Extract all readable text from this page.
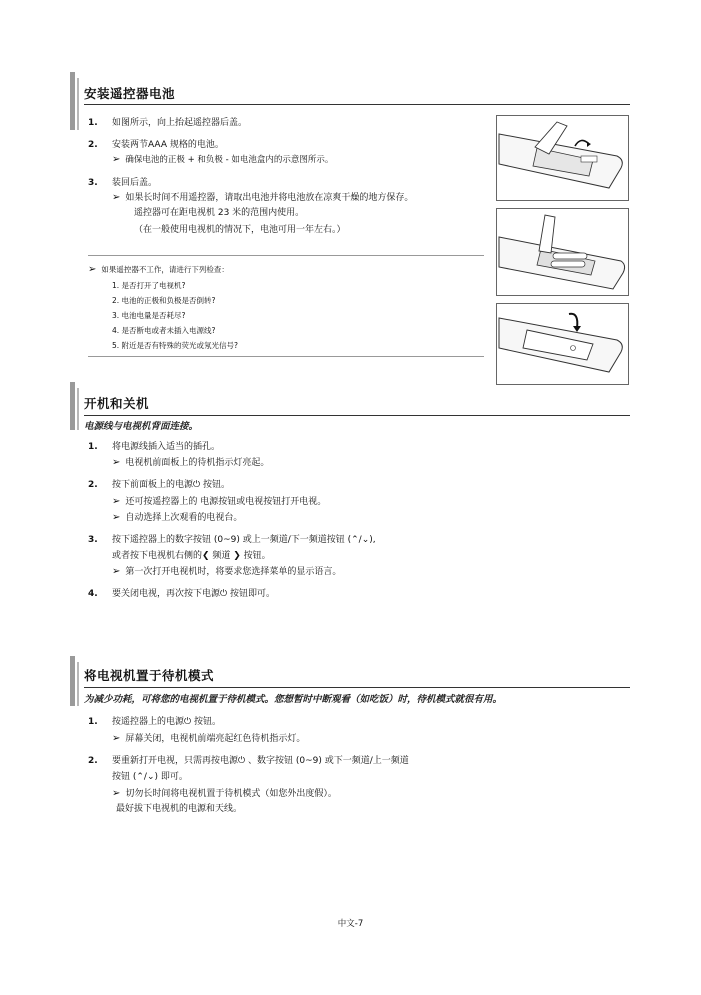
安装遥控器电池
1. 如图所示，向上抬起遥控器后盖。
2. 安装两节AAA 规格的电池。
➢ 确保电池的正极 + 和负极 - 如电池盒内的示意图所示。
3. 装回后盖。
➢ 如果长时间不用遥控器，请取出电池并将电池放在凉爽干燥的地方保存。
遥控器可在距电视机 23 米的范围内使用。
（在一般使用电视机的情况下，电池可用一年左右。）
➢ 如果遥控器不工作，请进行下列检查：
1. 是否打开了电视机?
2. 电池的正极和负极是否倒转?
3. 电池电量是否耗尽?
4. 是否断电或者未插入电源线?
5. 附近是否有特殊的荧光或氖光信号?
开机和关机
电源线与电视机背面连接。
1. 将电源线插入适当的插孔。
➢ 电视机前面板上的待机指示灯亮起。
2. 按下前面板上的电源⏻ 按钮。
➢ 还可按遥控器上的 电源按钮或电视按钮打开电视。
➢ 自动选择上次观看的电视台。
3. 按下遥控器上的数字按钮 (0~9) 或上一频道/下一频道按钮 (⌃/⌄),
或者按下电视机右侧的❮ 频道 ❯ 按钮。
➢ 第一次打开电视机时，将要求您选择菜单的显示语言。
4. 要关闭电视，再次按下电源⏻ 按钮即可。
将电视机置于待机模式
为减少功耗，可将您的电视机置于待机模式。您想暂时中断观看（如吃饭）时，待机模式就很有用。
1. 按遥控器上的电源⏻ 按钮。
➢ 屏幕关闭，电视机前端亮起红色待机指示灯。
2. 要重新打开电视，只需再按电源⏻ 、数字按钮 (0~9) 或下一频道/上一频道
按钮 (⌃/⌄) 即可。
➢ 切勿长时间将电视机置于待机模式（如您外出度假）。
最好拔下电视机的电源和天线。
中文-7
